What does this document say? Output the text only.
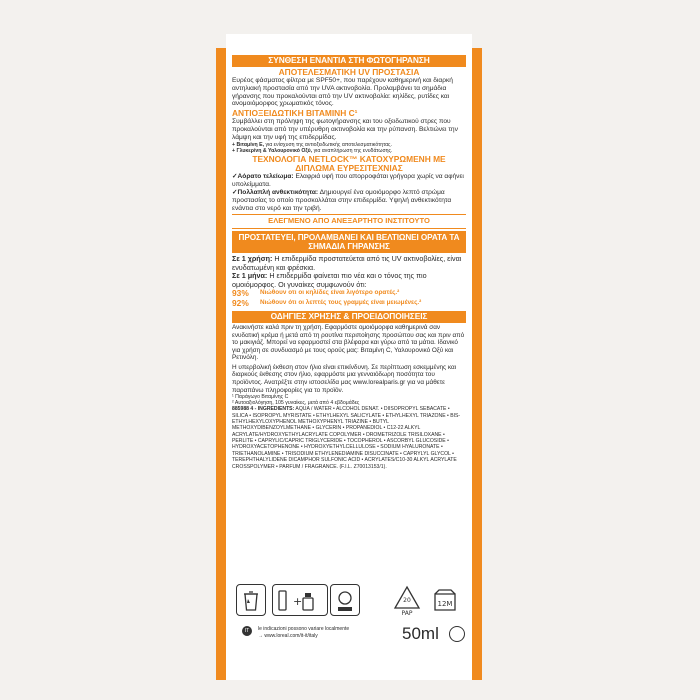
ΣΥΝΘΕΣΗ ΕΝΑΝΤΙΑ ΣΤΗ ΦΩΤΟΓΗΡΑΝΣΗ
ΑΠΟΤΕΛΕΣΜΑΤΙΚΗ UV ΠΡΟΣΤΑΣΙΑ

Ευρέος φάσματος φίλτρα με SPF50+, που παρέχουν καθημερινή και διαρκή αντηλιακή προστασία από την UVA ακτινοβολία. Προλαμβάνει τα σημάδια γήρανσης που προκαλούνται από την UV ακτινοβολία: κηλίδες, ρυτίδες και ανομοιόμορφος χρωματικός τόνος.

ΑΝΤΙΟΞΕΙΔΩΤΙΚΗ ΒΙΤΑΜΙΝΗ C¹

Συμβάλλει στη πρόληψη της φωτογήρανσης και του οξειδωτικού στρες που προκαλούνται από την υπέρυθρη ακτινοβολία και την ρύπανση. Βελτιώνει την λάμψη και την υφή της επιδερμίδας.

+ Βιταμίνη Ε, για ενίσχυση της αντιοξειδωτικής αποτελεσματικότητας.

+ Γλυκερίνη & Υαλουρονικό Οξύ, για αναπλήρωση της ενυδάτωσης.

ΤΕΧΝΟΛΟΓΙΑ NETLOCK™ ΚΑΤΟΧΥΡΩΜΕΝΗ ΜΕ ΔΙΠΛΩΜΑ ΕΥΡΕΣΙΤΕΧΝΙΑΣ

✓Αόρατο τελείωμα: Ελαφριά υφή που απορροφάται γρήγορα χωρίς να αφήνει υπολείμματα.

✓Πολλαπλή ανθεκτικότητα: Δημιουργεί ένα ομοιόμορφο λεπτό στρώμα προστασίας το οποίο προσκολλάται στην επιδερμίδα. Υψηλή ανθεκτικότητα ενάντια στο νερό και την τριβή.

ΕΛΕΓΜΕΝΟ ΑΠΟ ΑΝΕΞΑΡΤΗΤΟ ΙΝΣΤΙΤΟΥΤΟ
ΠΡΟΣΤΑΤΕΥΕΙ, ΠΡΟΛΑΜΒΑΝΕΙ ΚΑΙ ΒΕΛΤΙΩΝΕΙ ΟΡΑΤΑ ΤΑ ΣΗΜΑΔΙΑ ΓΗΡΑΝΣΗΣ

Σε 1 χρήση: Η επιδερμίδα προστατεύεται από τις UV ακτινοβολίες, είναι ενυδατωμένη και φρέσκια.

Σε 1 μήνα: Η επιδερμίδα φαίνεται πιο νέα και ο τόνος της πιο ομοιόμορφος. Οι γυναίκες συμφωνούν ότι:

93%	Νιώθουν οτι οι κηλίδες είναι λιγότερο ορατές.²
92%	Νιώθουν ότι οι λεπτές τους γραμμές είναι μειωμένες.²
ΟΔΗΓΙΕΣ ΧΡΗΣΗΣ & ΠΡΟΕΙΔΟΠΟΙΗΣΕΙΣ

Ανακινήστε καλά πριν τη χρήση. Εφαρμόστε ομοιόμορφα καθημερινά σαν ενυδατική κρέμα ή μετά από τη ρουτίνα περιποίησης προσώπου σας και πριν από το μακιγιάζ. Μπορεί να εφαρμοστεί στα βλέφαρα και γύρω από τα μάτια. Ιδανικό για χρήση σε συνδυασμό με τους ορούς μας: Βιταμίνη C, Υαλουρονικό Οξύ και Ρετινόλη.

Η υπερβολική έκθεση στον ήλιο είναι επικίνδυνη. Σε περίπτωση εσκεμμένης και διαρκούς έκθεσης στον ήλιο, εφαρμόστε μια γενναιόδωρη ποσότητα του προϊόντος. Ανατρέξτε στην ιστοσελίδα μας www.lorealparis.gr για να μάθετε παραπάνω πληροφορίες για το προϊόν.

¹ Παράγωγο Βιταμίνης C

² Αυτοαξιολόγηση, 105 γυναίκες, μετά από 4 εβδομάδες

885988 4 - INGREDIENTS: AQUA / WATER • ALCOHOL DENAT. • DIISOPROPYL SEBACATE • SILICA • ISOPROPYL MYRISTATE • ETHYLHEXYL SALICYLATE • ETHYLHEXYL TRIAZONE • BIS-ETHYLHEXYLOXYPHENOL METHOXYPHENYL TRIAZINE • BUTYL METHOXYDIBENZOYLMETHANE • GLYCERIN • PROPANEDIOL • C12-22 ALKYL ACRYLATE/HYDROXYETHYLACRYLATE COPOLYMER • DROMETRIZOLE TRISILOXANE • PERLITE • CAPRYLIC/CAPRIC TRIGLYCERIDE • TOCOPHEROL • ASCORBYL GLUCOSIDE • HYDROXYACETOPHENONE • HYDROXYETHYLCELLULOSE • SODIUM HYALURONATE • TRIETHANOLAMINE • TRISODIUM ETHYLENEDIAMINE DISUCCINATE • CAPRYLYL GLYCOL • TEREPHTHALYLIDENE DICAMPHOR SULFONIC ACID • ACRYLATES/C10-30 ALKYL ACRYLATE CROSSPOLYMER • PARFUM / FRAGRANCE. (F.I.L. Z70013153/1).

+	20
PAP
12M
IT	le indicazioni possono variare localmente
→ www.loreal.com/it-it/italy	50ml
